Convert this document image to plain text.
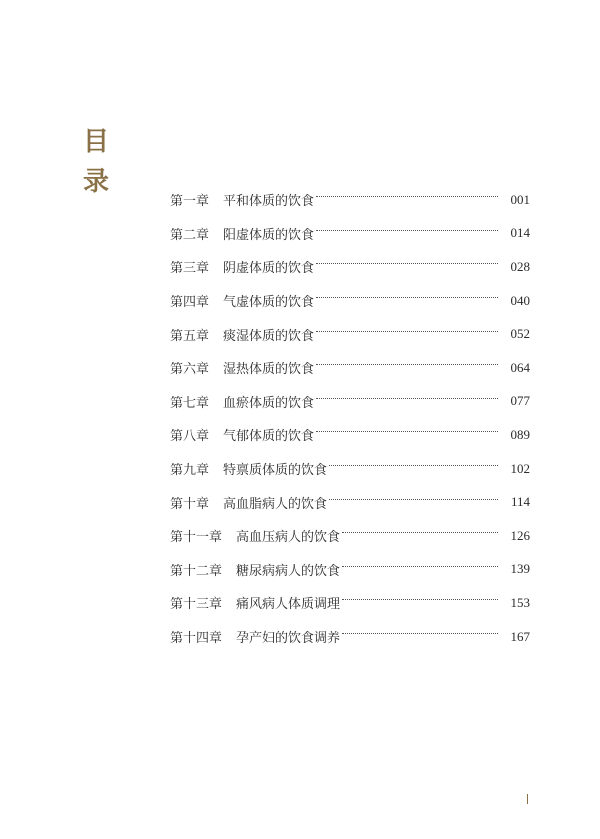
目
录
第一章 平和体质的饮食	001
第二章 阳虚体质的饮食	014
第三章 阴虚体质的饮食	028
第四章 气虚体质的饮食	040
第五章 痰湿体质的饮食	052
第六章 湿热体质的饮食	064
第七章 血瘀体质的饮食	077
第八章 气郁体质的饮食	089
第九章 特禀质体质的饮食	102
第十章 高血脂病人的饮食	114
第十一章 高血压病人的饮食	126
第十二章 糖尿病病人的饮食	139
第十三章 痛风病人体质调理	153
第十四章 孕产妇的饮食调养	167
